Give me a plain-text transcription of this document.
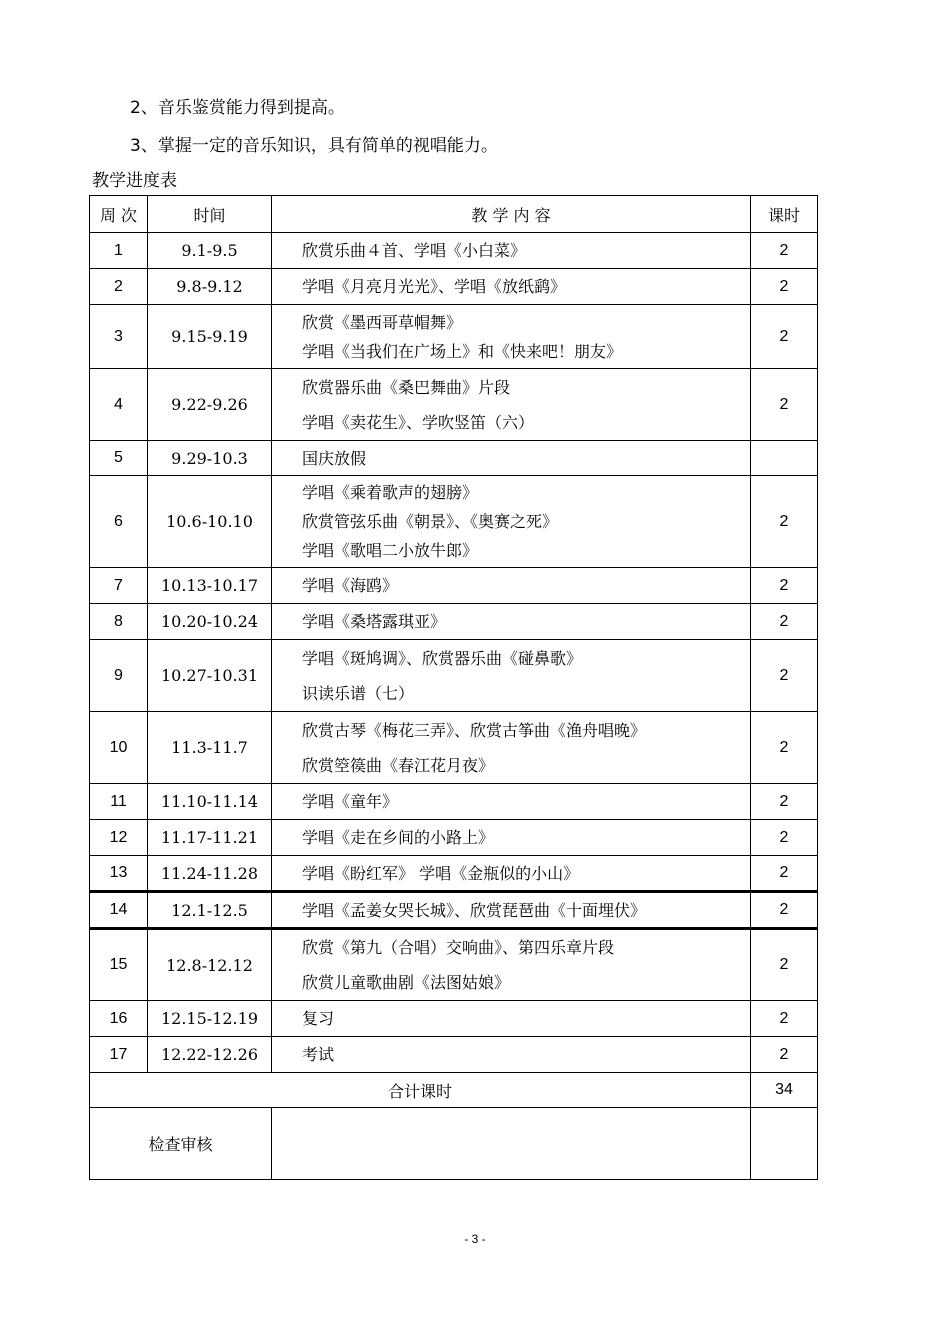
2、音乐鉴赏能力得到提高。
3、掌握一定的音乐知识，具有简单的视唱能力。
教学进度表
周 次	时间	教 学 内 容	课时
1	9.1-9.5	欣赏乐曲４首、学唱《小白菜》	2
2	9.8-9.12	学唱《月亮月光光》、学唱《放纸鹞》	2
3	9.15-9.19	欣赏《墨西哥草帽舞》
学唱《当我们在广场上》和《快来吧！朋友》	2
4	9.22-9.26	欣赏器乐曲《桑巴舞曲》片段
学唱《卖花生》、学吹竖笛（六）	2
5	9.29-10.3	国庆放假	

6	10.6-10.10	学唱《乘着歌声的翅膀》
欣赏管弦乐曲《朝景》、《奥赛之死》
学唱《歌唱二小放牛郎》	2
7	10.13-10.17	学唱《海鸥》	2
8	10.20-10.24	学唱《桑塔露琪亚》	2
9	10.27-10.31	学唱《斑鸠调》、欣赏器乐曲《碰鼻歌》
识读乐谱（七）	2
10	11.3-11.7	欣赏古琴《梅花三弄》、欣赏古筝曲《渔舟唱晚》
欣赏箜篌曲《春江花月夜》	2
11	11.10-11.14	学唱《童年》	2
12	11.17-11.21	学唱《走在乡间的小路上》	2
13	11.24-11.28	学唱《盼红军》 学唱《金瓶似的小山》	2
14	12.1-12.5	学唱《孟姜女哭长城》、欣赏琵琶曲《十面埋伏》	2
15	12.8-12.12	欣赏《第九（合唱）交响曲》、第四乐章片段
欣赏儿童歌曲剧《法图姑娘》	2
16	12.15-12.19	复习	2
17	12.22-12.26	考试	2
合计课时			34
检查审核			
- 3 -
